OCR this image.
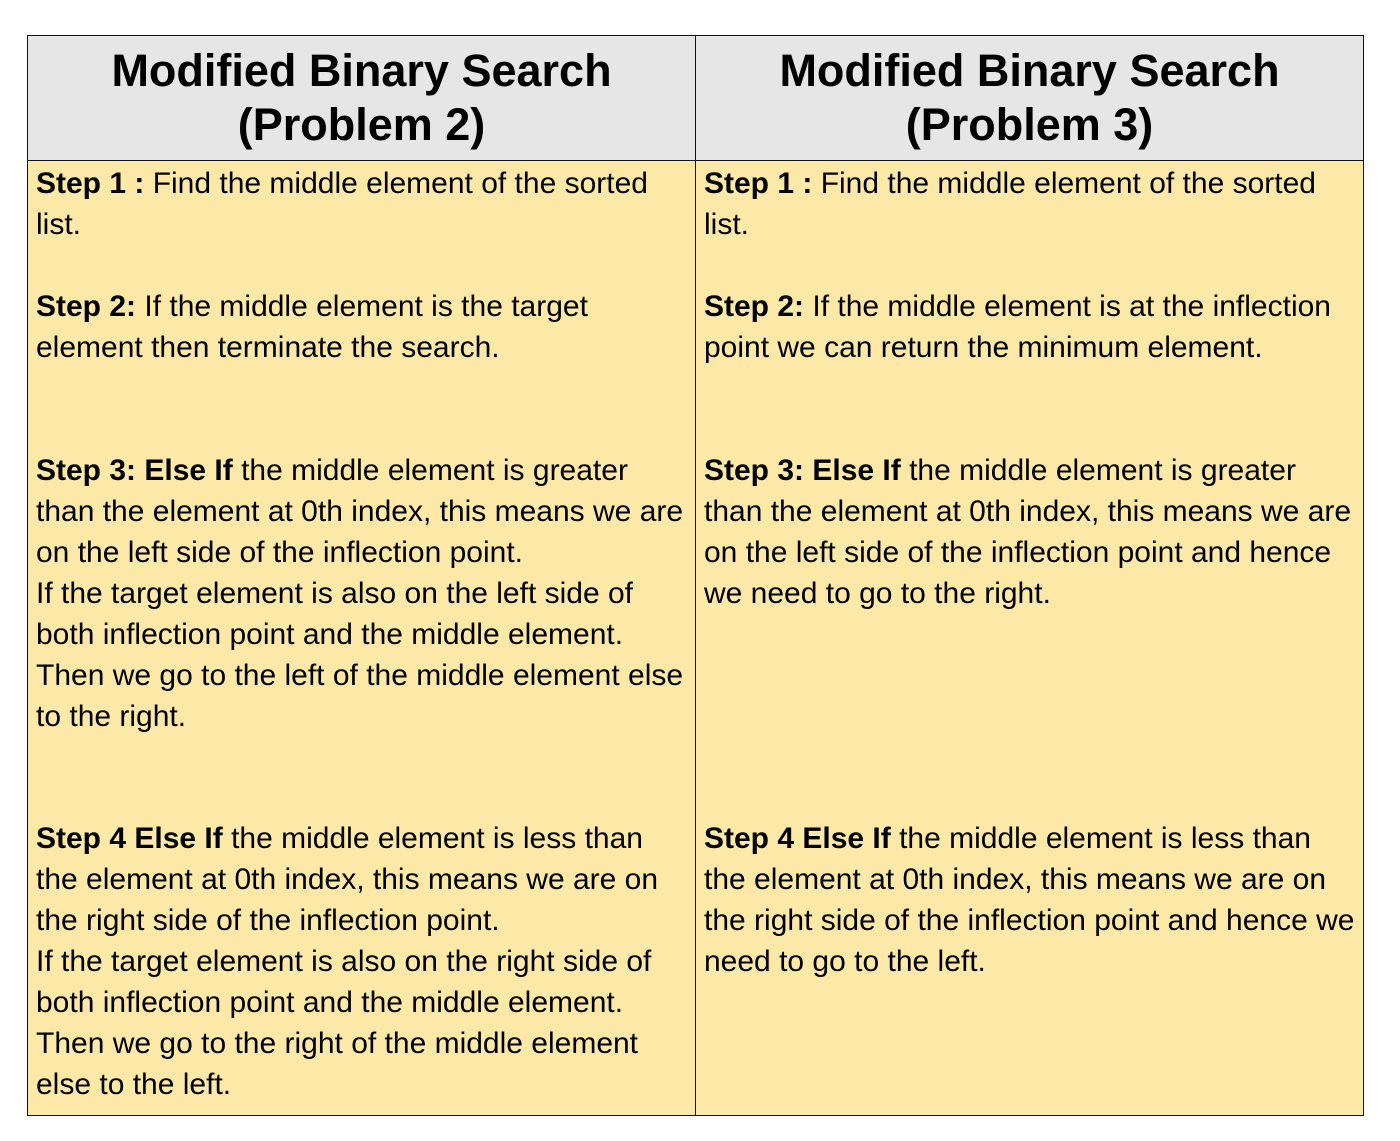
Modified Binary Search
(Problem 2)
Modified Binary Search
(Problem 3)

Step 1 : Find the middle element of the sorted list.

Step 2: If the middle element is the target element then terminate the search.

Step 3: Else If the middle element is greater than the element at 0th index, this means we are on the left side of the inflection point.
If the target element is also on the left side of both inflection point and the middle element. Then we go to the left of the middle element else to the right.

Step 4 Else If the middle element is less than the element at 0th index, this means we are on the right side of the inflection point.
If the target element is also on the right side of both inflection point and the middle element. Then we go to the right of the middle element else to the left.

Step 1 : Find the middle element of the sorted list.

Step 2: If the middle element is at the inflection point we can return the minimum element.

Step 3: Else If the middle element is greater than the element at 0th index, this means we are on the left side of the inflection point and hence we need to go to the right.

Step 4 Else If the middle element is less than the element at 0th index, this means we are on the right side of the inflection point and hence we need to go to the left.
